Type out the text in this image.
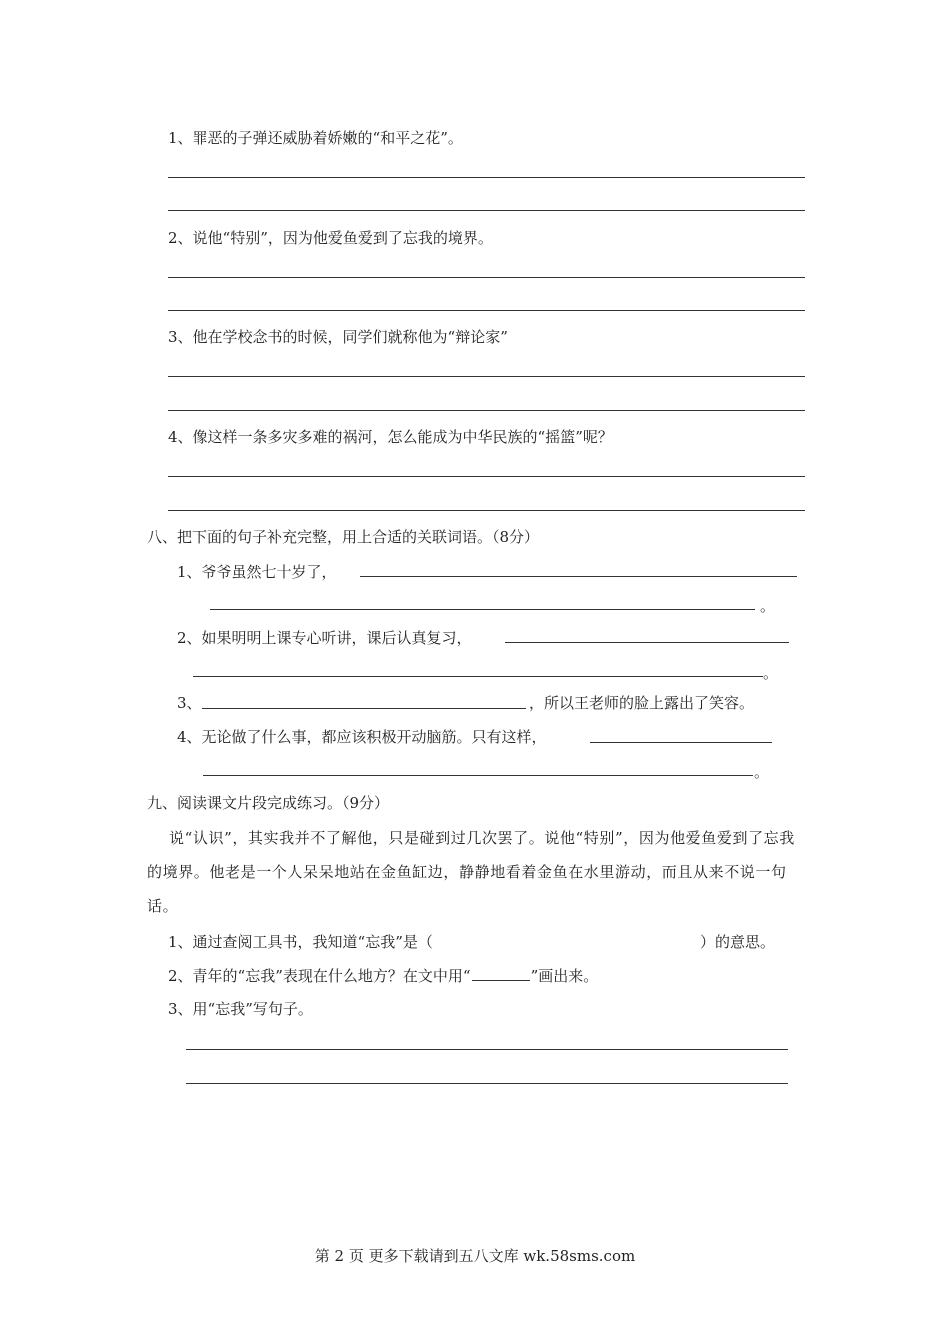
1、罪恶的子弹还威胁着娇嫩的“和平之花”。
2、说他“特别”，因为他爱鱼爱到了忘我的境界。
3、他在学校念书的时候，同学们就称他为“辩论家”
4、像这样一条多灾多难的祸河，怎么能成为中华民族的“摇篮”呢？
八、把下面的句子补充完整，用上合适的关联词语。（8分）
1、爷爷虽然七十岁了，
。
2、如果明明上课专心听讲，课后认真复习，
。
3、	，所以王老师的脸上露出了笑容。
4、无论做了什么事，都应该积极开动脑筋。只有这样，
。
九、阅读课文片段完成练习。（9分）
说“认识”，其实我并不了解他，只是碰到过几次罢了。说他“特别”，因为他爱鱼爱到了忘我的境界。他老是一个人呆呆地站在金鱼缸边，静静地看着金鱼在水里游动，而且从来不说一句话。
1、通过查阅工具书，我知道“忘我”是（	）的意思。
2、青年的“忘我”表现在什么地方？在文中用“	”画出来。
3、用“忘我”写句子。
第 2 页 更多下载请到五八文库 wk.58sms.com
